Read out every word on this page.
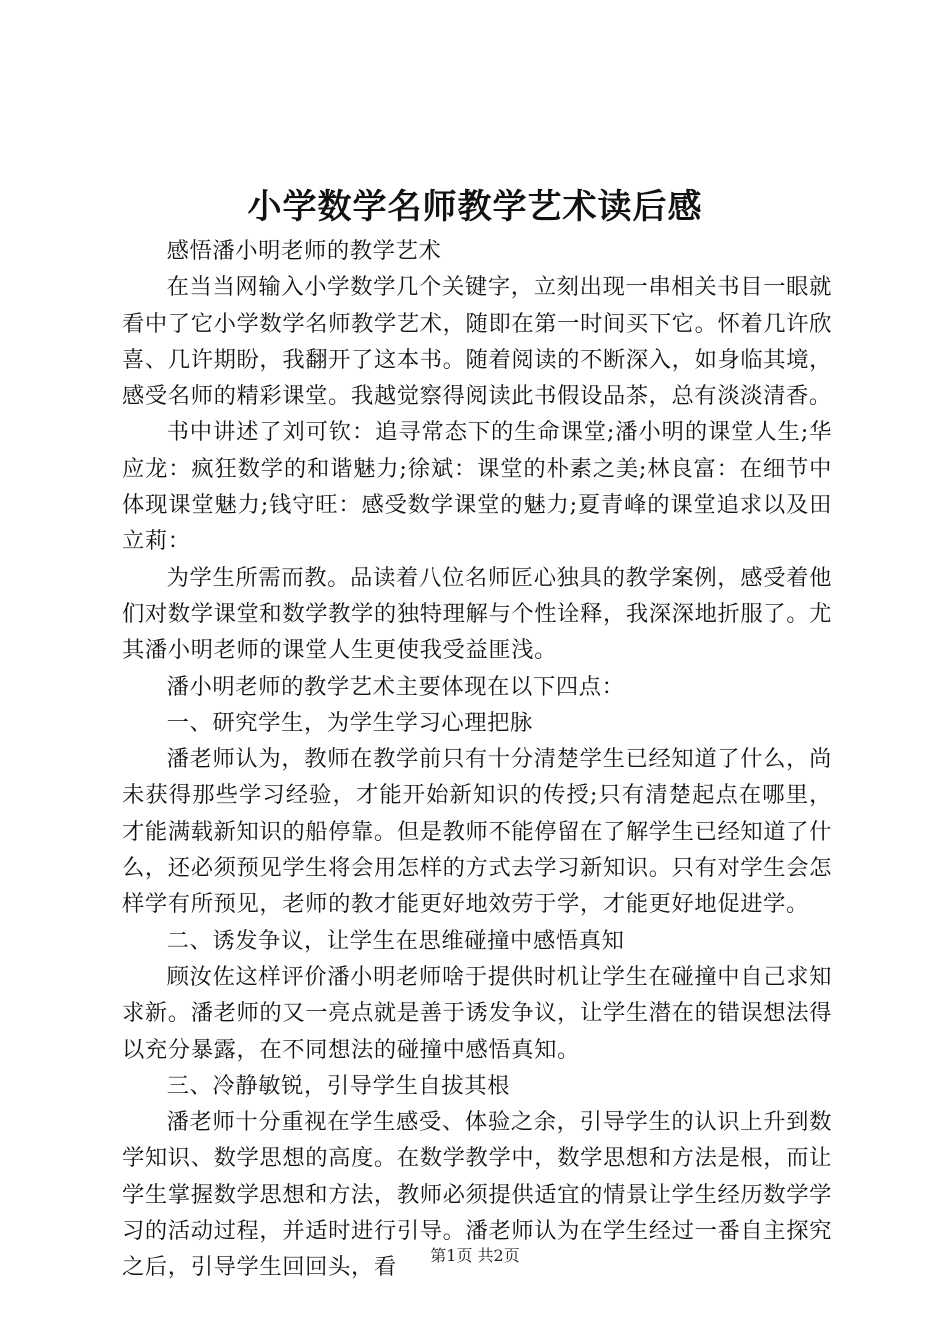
小学数学名师教学艺术读后感

感悟潘小明老师的教学艺术

在当当网输入小学数学几个关键字，立刻出现一串相关书目一眼就看中了它小学数学名师教学艺术，随即在第一时间买下它。怀着几许欣喜、几许期盼，我翻开了这本书。随着阅读的不断深入，如身临其境，感受名师的精彩课堂。我越觉察得阅读此书假设品茶，总有淡淡清香。

书中讲述了刘可钦：追寻常态下的生命课堂;潘小明的课堂人生;华应龙：疯狂数学的和谐魅力;徐斌：课堂的朴素之美;林良富：在细节中体现课堂魅力;钱守旺：感受数学课堂的魅力;夏青峰的课堂追求以及田立莉：

为学生所需而教。品读着八位名师匠心独具的教学案例，感受着他们对数学课堂和数学教学的独特理解与个性诠释，我深深地折服了。尤其潘小明老师的课堂人生更使我受益匪浅。

潘小明老师的教学艺术主要体现在以下四点：

一、研究学生，为学生学习心理把脉

潘老师认为，教师在教学前只有十分清楚学生已经知道了什么，尚未获得那些学习经验，才能开始新知识的传授;只有清楚起点在哪里，才能满载新知识的船停靠。但是教师不能停留在了解学生已经知道了什么，还必须预见学生将会用怎样的方式去学习新知识。只有对学生会怎样学有所预见，老师的教才能更好地效劳于学，才能更好地促进学。

二、诱发争议，让学生在思维碰撞中感悟真知

顾汝佐这样评价潘小明老师啥于提供时机让学生在碰撞中自己求知求新。潘老师的又一亮点就是善于诱发争议，让学生潜在的错误想法得以充分暴露，在不同想法的碰撞中感悟真知。

三、冷静敏锐，引导学生自拔其根

潘老师十分重视在学生感受、体验之余，引导学生的认识上升到数学知识、数学思想的高度。在数学教学中，数学思想和方法是根，而让学生掌握数学思想和方法，教师必须提供适宜的情景让学生经历数学学习的活动过程，并适时进行引导。潘老师认为在学生经过一番自主探究之后，引导学生回回头，看	第1页 共2页
